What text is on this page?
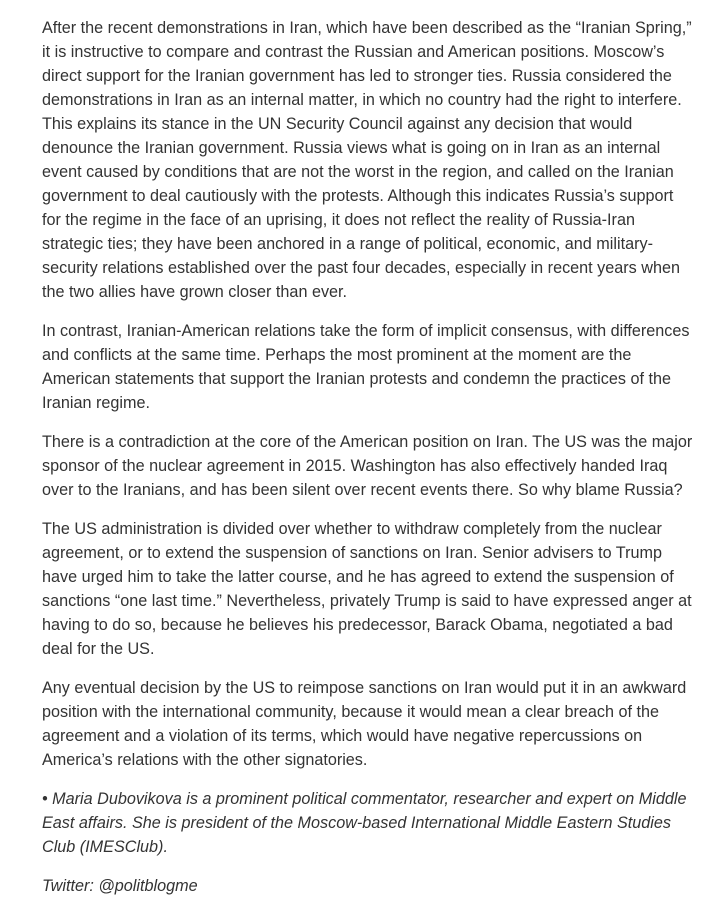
After the recent demonstrations in Iran, which have been described as the “Iranian Spring,” it is instructive to compare and contrast the Russian and American positions. Moscow’s direct support for the Iranian government has led to stronger ties. Russia considered the demonstrations in Iran as an internal matter, in which no country had the right to interfere. This explains its stance in the UN Security Council against any decision that would denounce the Iranian government. Russia views what is going on in Iran as an internal event caused by conditions that are not the worst in the region, and called on the Iranian government to deal cautiously with the protests. Although this indicates Russia’s support for the regime in the face of an uprising, it does not reflect the reality of Russia-Iran strategic ties; they have been anchored in a range of political, economic, and military-security relations established over the past four decades, especially in recent years when the two allies have grown closer than ever.

In contrast, Iranian-American relations take the form of implicit consensus, with differences and conflicts at the same time. Perhaps the most prominent at the moment are the American statements that support the Iranian protests and condemn the practices of the Iranian regime.

There is a contradiction at the core of the American position on Iran. The US was the major sponsor of the nuclear agreement in 2015. Washington has also effectively handed Iraq over to the Iranians, and has been silent over recent events there. So why blame Russia?

The US administration is divided over whether to withdraw completely from the nuclear agreement, or to extend the suspension of sanctions on Iran. Senior advisers to Trump have urged him to take the latter course, and he has agreed to extend the suspension of sanctions “one last time.” Nevertheless, privately Trump is said to have expressed anger at having to do so, because he believes his predecessor, Barack Obama, negotiated a bad deal for the US.

Any eventual decision by the US to reimpose sanctions on Iran would put it in an awkward position with the international community, because it would mean a clear breach of the agreement and a violation of its terms, which would have negative repercussions on America’s relations with the other signatories.

• Maria Dubovikova is a prominent political commentator, researcher and expert on Middle East affairs. She is president of the Moscow-based International Middle Eastern Studies Club (IMESClub).

Twitter: @politblogme
